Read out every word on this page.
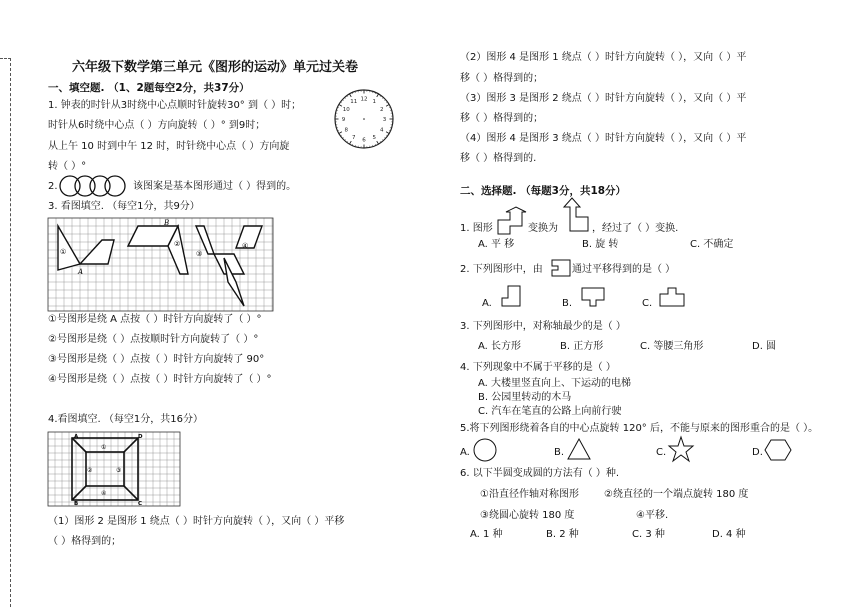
六年级下数学第三单元《图形的运动》单元过关卷
一、填空题. （1、2题每空2分，共37分）
1. 钟表的时针从3时绕中心点顺时针旋转30° 到（ ）时；
时针从6时绕中心点（ ）方向旋转（ ）° 到9时；
从上午 10 时到中午 12 时，时针绕中心点（ ）方向旋
转（ ）°
12 1
2
3
4
5
6
7
8
9
10
11
2.	该图案是基本图形通过（ ）得到的。
3. 看图填空. （每空1分，共9分）
B
A
①
②
③
④
①号图形是绕 A 点按（ ）时针方向旋转了（ ）°
②号图形是绕（ ）点按顺时针方向旋转了（ ）°
③号图形是绕（ ）点按（ ）时针方向旋转了 90°
④号图形是绕（ ）点按（ ）时针方向旋转了（ ）°
4.看图填空. （每空1分，共16分）
A	D
B	C
①
②	③
④
（1）图形 2 是图形 1 绕点（ ）时针方向旋转（ ），又向（ ）平移
（ ）格得到的；
（2）图形 4 是图形 1 绕点（ ）时针方向旋转（ ），又向（ ）平
移（ ）格得到的；
（3）图形 3 是图形 2 绕点（ ）时针方向旋转（ ），又向（ ）平
移（ ）格得到的；
（4）图形 4 是图形 3 绕点（ ）时针方向旋转（ ），又向（ ）平
移（ ）格得到的.
二、选择题. （每题3分，共18分）
1. 图形	变换为	，经过了（ ）变换.
A. 平 移	B. 旋 转	C. 不确定
2. 下列图形中，由	通过平移得到的是（ ）
A.	B.	C.
3. 下列图形中，对称轴最少的是（ ）
A. 长方形	B. 正方形	C. 等腰三角形	D. 圆
4. 下列现象中不属于平移的是（ ）
A. 大楼里竖直向上、下运动的电梯
B. 公园里转动的木马
C. 汽车在笔直的公路上向前行驶
5.将下列图形绕着各自的中心点旋转 120° 后，不能与原来的图形重合的是（ ）。
A.	B.	C.	D.
6. 以下半圆变成圆的方法有（ ）种.
①沿直径作轴对称图形	②绕直径的一个端点旋转 180 度
③绕圆心旋转 180 度	④平移.
A. 1 种	B. 2 种	C. 3 种	D. 4 种
